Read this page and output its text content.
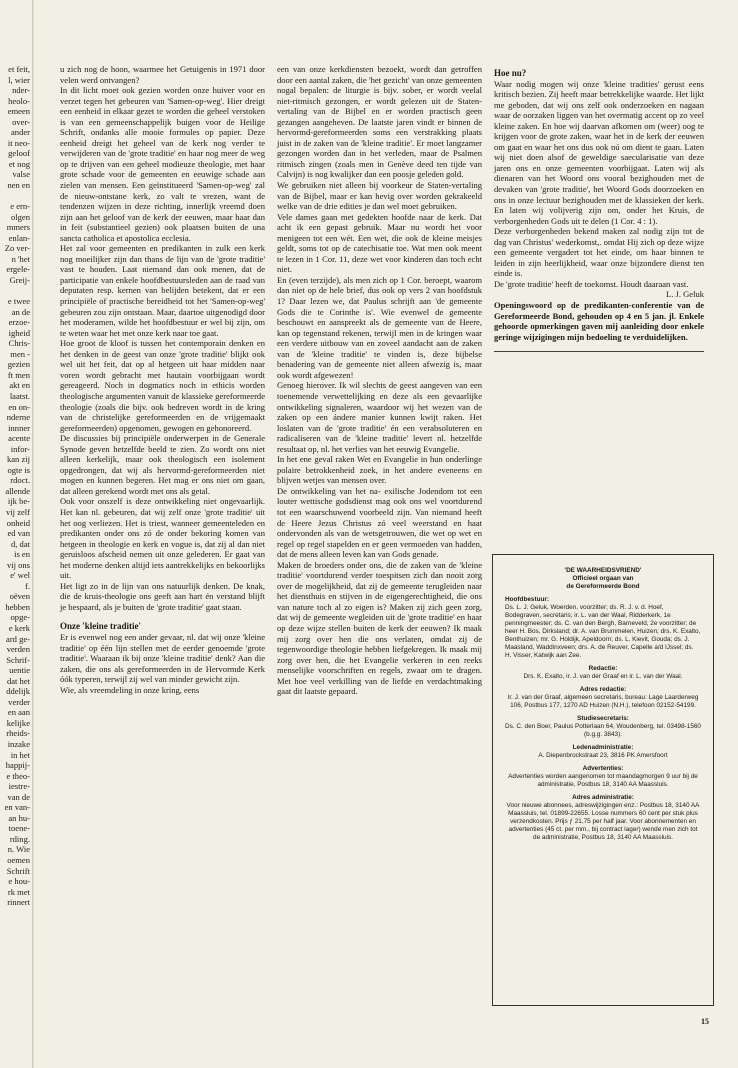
et feit,
l, wier
nder-
heolo-
emeen
over-
ander
it neo-
geloof
et nog
valse
nen en

e ern-
olgen
mmers
enlan-
Zo ver-
n 'het
ergele-
Greij-

e twee
an de
erzoe-
igheid
Chris-
men -
gezien
ft men
akt en
laatst.
en on-
nderne
innner
acente
infor-
kan zij
ogte is
rdoct.
allende
ijk be-
vij zelf
onheid
ed van
d, dat
is en
vij ons
e' wel
f.
oëven
hebben
opge-
e kerk
ard ge-
verden
Schrif-
uentie
dat het
ddelijk
verder
en aan
kelijke
rheids-
inzake
in het
happij-
e theo-
iestre-
van de
en van-
an hu-
toene-
rding.
n. Wie
oemen
Schrift
e hou-
rk met
rinnert

u zich nog de hoon, waarmee het Getuigenis in 1971 door velen werd ontvangen?

In dit licht moet ook gezien worden onze huiver voor en verzet tegen het gebeuren van 'Samen-op-weg'. Hier dreigt een eenheid in elkaar gezet te worden die geheel verstoken is van een gemeenschappelijk buigen voor de Heilige Schrift, ondanks alle mooie formules op papier. Deze eenheid dreigt het geheel van de kerk nog verder te verwijderen van de 'grote traditie' en haar nog meer de weg op te drijven van een geheel modieuze theologie, met haar grote schade voor de gemeenten en eeuwige schade aan zielen van mensen. Een geïnstitueerd 'Samen-op-weg' zal de nieuw-ontstane kerk, zo valt te vrezen, want de tendenzen wijzen in deze richting, innerlijk vreemd doen zijn aan het geloof van de kerk der eeuwen, maar haar dan in feit (substantieel gezien) ook plaatsen buiten de una sancta catholica et apostolica ecclesia.

Het zal voor gemeenten en predikanten in zulk een kerk nog moeilijker zijn dan thans de lijn van de 'grote traditie' vast te houden. Laat niemand dan ook menen, dat de participatie van enkele hoofdbestuursleden aan de raad van deputaten resp. kernen van belijden betekent, dat er een principiële of practische bereidheid tot het 'Samen-op-weg' gebeuren zou zijn ontstaan. Maar, daartoe uitgenodigd door het moderamen, wilde het hoofdbestuur er wel bij zijn, om te weten waar het met onze kerk naar toe gaat.

Hoe groot de kloof is tussen het contemporain denken en het denken in de geest van onze 'grote traditie' blijkt ook wel uit het feit, dat op al hetgeen uit haar midden naar voren wordt gebracht met hautain voorbijgaan wordt gereageerd. Noch in dogmatics noch in ethicis worden theologische argumenten vanuit de klassieke gereformeerde theologie (zoals die bijv. ook bedreven wordt in de kring van de christelijke gereformeerden en de vrijgemaakt gereformeerden) opgenomen, gewogen en gehonoreerd.

De discussies bij principiële onderwerpen in de Generale Synode geven hetzelfde beeld te zien. Zo wordt ons niet alleen kerkelijk, maar ook theologisch een isolement opgedrongen, dat wij als hervormd-gereformeerden niet mogen en kunnen begeren. Het mag er ons niet om gaan, dat alleen gerekend wordt met ons als getal.

Ook voor onszelf is deze ontwikkeling niet ongevaarlijk. Het kan nl. gebeuren, dat wij zelf onze 'grote traditie' uit het oog verliezen. Het is triest, wanneer gemeenteleden en predikanten onder ons zó de onder bekoring komen van hetgeen in theologie en kerk en vogue is, dat zij al dan niet geruisloos afscheid nemen uit onze gelederen. Er gaat van het moderne denken altijd iets aantrekkelijks en bekoorlijks uit.

Het ligt zo in de lijn van ons natuurlijk denken. De knak, die de kruis-theologie ons geeft aan hart én verstand blijft je bespaard, als je buiten de 'grote traditie' gaat staan.

Onze 'kleine traditie'

Er is evenwel nog een ander gevaar, nl. dat wij onze 'kleine traditie' op één lijn stellen met de eerder genoemde 'grote traditie'. Waaraan ik bij onze 'kleine traditie' denk? Aan die zaken, die ons als gereformeerden in de Hervormde Kerk óók typeren, terwijl zij wel van minder gewicht zijn.

Wie, als vreemdeling in onze kring, eens

een van onze kerkdiensten bezoekt, wordt dan getroffen door een aantal zaken, die 'het gezicht' van onze gemeenten nogal bepalen: de liturgie is bijv. sober, er wordt veelal niet-ritmisch gezongen, er wordt gelezen uit de Staten-vertaling van de Bijbel en er worden practisch geen gezangen aangeheven. De laatste jaren vindt er binnen de hervormd-gereformeerden soms een verstrakking plaats juist in de zaken van de 'kleine traditie'. Er moet langzamer gezongen worden dan in het verleden, maar de Psalmen ritmisch zingen (zoals men in Genève deed ten tijde van Calvijn) is nog kwalijker dan een poosje geleden gold.

We gebruiken niet alleen bij voorkeur de Staten-vertaling van de Bijbel, maar er kan hevig over worden gekrakeeld welke van de drie edities je dan wel moet gebruiken.

Vele dames gaan met gedekten hoofde naar de kerk. Dat acht ik een gepast gebruik. Maar nu wordt het voor menigeen tot een wét. Een wet, die ook de kleine meisjes geldt, soms tot op de catechisatie toe. Wat men ook meent te lezen in 1 Cor. 11, deze wet voor kinderen dan toch echt niet.

En (even terzijde), als men zich op 1 Cor. beroept, waarom dan niet op de hele brief, dus ook op vers 2 van hoofdstuk 1? Daar lezen we, dat Paulus schrijft aan 'de gemeente Gods die te Corinthe is'. Wie evenwel de gemeente beschouwt en aanspreekt als de gemeente van de Heere, kan op tegenstand rekenen, terwijl men in de kringen waar een verdere uitbouw van en zoveel aandacht aan de zaken van de 'kleine traditie' te vinden is, deze bijbelse benadering van de gemeente niet alleen afwezig is, maar ook wordt afgewezen!

Genoeg hierover. Ik wil slechts de geest aangeven van een toenemende verwettelijking en deze als een gevaarlijke ontwikkeling signaleren, waardoor wij het wezen van de zaken op een ándere manier kunnen kwijt raken. Het loslaten van de 'grote traditie' én een verabsoluteren en radicaliseren van de 'kleine traditie' levert nl. hetzelfde resultaat op, nl. het verlies van het eeuwig Evangelie.

In het ene geval raken Wet en Evangelie in hun onderlinge polaire betrokkenheid zoek, in het andere eveneens en blijven wetjes van mensen over.

De ontwikkeling van het na- exilische Jodendom tot een louter wettische godsdienst mag ook ons wel voortdurend tot een waarschuwend voorbeeld zijn. Van niemand heeft de Heere Jezus Christus zó veel weerstand en haat ondervonden als van de wetsgetrouwen, die wet op wet en regel op regel stapelden en er geen vermoeden van hadden, dat de mens alleen leven kan van Gods genade.

Maken de broeders onder ons, die de zaken van de 'kleine traditie' voortdurend verder toespitsen zich dan nooit zorg over de mogelijkheid, dat zij de gemeente terugleiden naar het diensthuis en stijven in de eigengerechtigheid, die ons van nature toch al zo eigen is? Maken zij zich geen zorg, dat wij de gemeente wegleiden uit de 'grote traditie' en haar op deze wijze stellen buiten de kerk der eeuwen? Ik maak mij zorg over hen die ons verlaten, omdat zij de tegenwoordige theologie hebben liefgekregen. Ik maak mij zorg over hen, die het Evangelie verkeren in een reeks menselijke voorschriften en regels, zwaar om te dragen. Met hoe veel verkilling van de liefde en verdachtmaking gaat dit laatste gepaard.

Hoe nu?

Waar nodig mogen wij onze 'kleine tradities' gerust eens kritisch bezien. Zij heeft maar betrekkelijke waarde. Het lijkt me geboden, dat wij ons zelf ook onderzoeken en nagaan waar de oorzaken liggen van het overmatig accent op zo veel kleine zaken. En hoe wij daarvan afkomen om (weer) oog te krijgen voor de grote zaken, waar het in de kerk der eeuwen om gaat en waar het ons dus ook nú om dient te gaan. Laten wij niet doen alsof de geweldige saecularisatie van deze jaren ons en onze gemeenten voorbijgaat. Laten wij als dienaren van het Woord ons vooral bezighouden met de devaken van 'grote traditie', het Woord Gods doorzoeken en ons in onze lectuur bezighouden met de klassieken der kerk. En laten wij volijverig zijn om, onder het Kruis, de verborgenheden Gods uit te delen (1 Cor. 4 : 1).

Deze verborgenheden bekend maken zal nodig zijn tot de dag van Christus' wederkomst,. omdat Hij zich op deze wijze een gemeente vergadert tot het einde, om haar binnen te leiden in zijn heerlijkheid, waar onze bijzondere dienst ten einde is.

De 'grote traditie' heeft de toekomst. Houdt daaraan vast.

L. J. Geluk

Openingswoord op de predikanten-conferentie van de Gereformeerde Bond, gehouden op 4 en 5 jan. jl. Enkele gehoorde opmerkingen gaven mij aanleiding door enkele geringe wijzigingen mijn bedoeling te verduidelijken.

'DE WAARHEIDSVRIEND'
Officieel orgaan van
de Gereformeerde Bond
Hoofdbestuur:
Ds. L. J. Geluk, Woerden, voorzitter; ds. R. J. v. d. Hoef, Bodegraven, secretaris; ir. L. van der Waal, Ridderkerk, 1e penningmeester; ds. C. van den Bergh, Barneveld, 2e voorzitter; de heer H. Bos, Dirksland; dr. A. van Brummelen, Huizen; drs. K. Exalto, Benthuizen; mr. G. Holdijk, Apeldoorn; ds. L. Kievit, Gouda; ds. J. Maasland, Waddinxveen; drs. A. de Reuver, Capelle a/d IJssel; ds. H. Visser, Katwijk aan Zee.
Redactie:
Drs. K. Exalto, ir. J. van der Graaf en ir. L. van der Waal.
Adres redactie:
Ir. J. van der Graaf, algemeen secretaris, bureau: Lage Laarderweg 106, Postbus 177, 1270 AD Huizen (N.H.), telefoon 02152-54199.
Studiesecretaris:
Ds. C. den Boer, Paulus Potterlaan 64, Woudenberg, tel. 03498-1560 (b.g.g. 3843).
Ledenadministratie:
A. Diepenbrockstraat 23, 3816 PK Amersfoort
Advertenties:
Advertenties worden aangenomen tot maandagmorgen 9 uur bij de administratie, Postbus 18, 3140 AA Maassluis.
Adres administratie:
Voor nieuwe abonnees, adreswijzigingen enz.: Postbus 18, 3140 AA Maassluis, tel. 01899-22655. Losse nummers 60 cent per stuk plus verzendkosten. Prijs ƒ 21,75 per half jaar. Voor abonnementen en advertenties (45 ct. per mm., bij contract lager) wende men zich tot de administratie, Postbus 18, 3140 AA Maassluis.
15
